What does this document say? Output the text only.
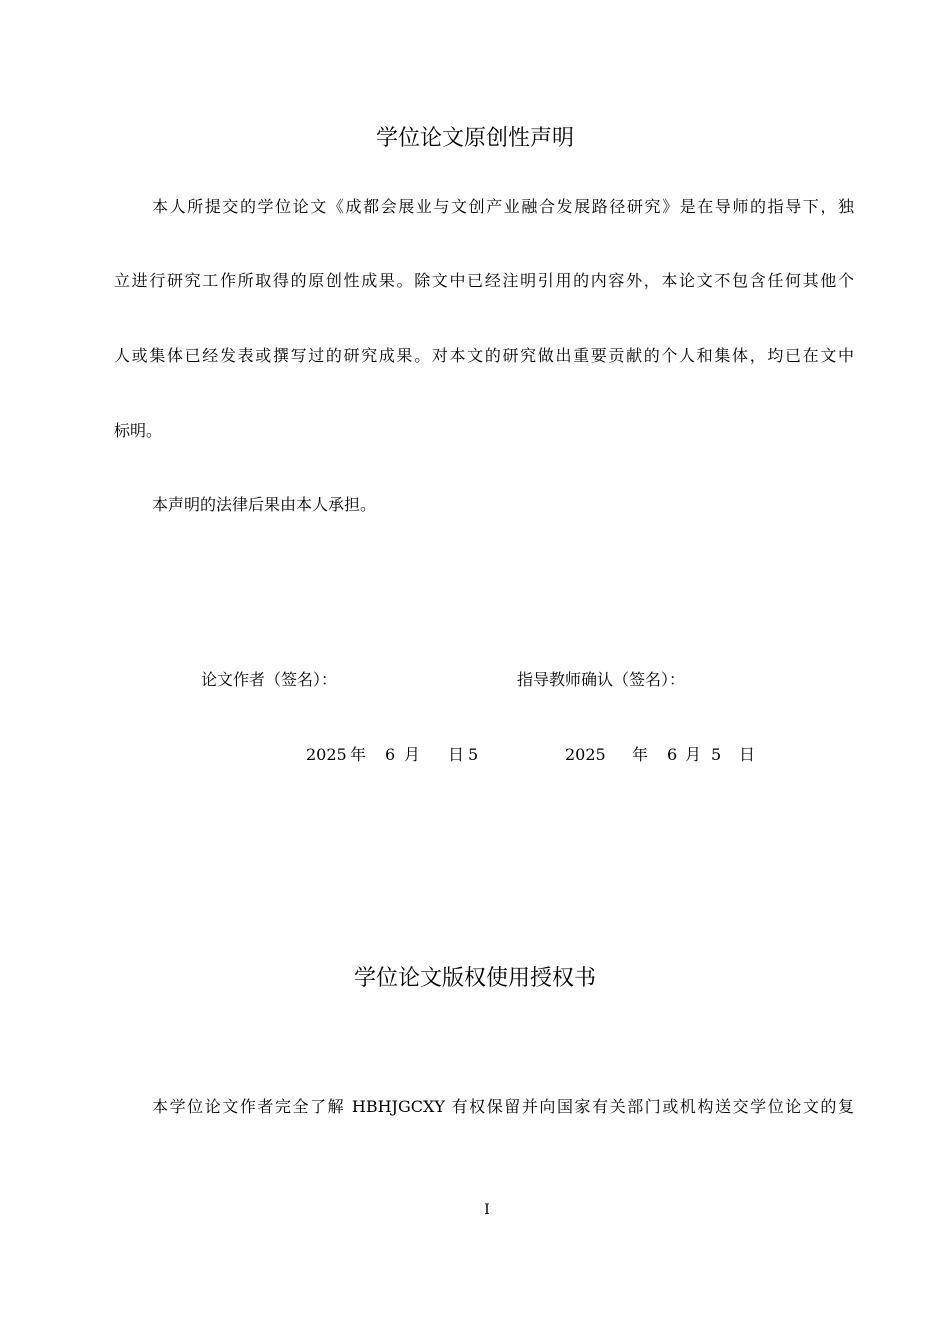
学位论文原创性声明
本人所提交的学位论文《成都会展业与文创产业融合发展路径研究》是在导师的指导下，独
立进行研究工作所取得的原创性成果。除文中已经注明引用的内容外，本论文不包含任何其他个
人或集体已经发表或撰写过的研究成果。对本文的研究做出重要贡献的个人和集体，均已在文中
标明。
本声明的法律后果由本人承担。
论文作者（签名）：	指导教师确认（签名）：
2025 年 6 月 日 5	2025 年 6 月 5 日
学位论文版权使用授权书
本学位论文作者完全了解 HBHJGCXY 有权保留并向国家有关部门或机构送交学位论文的复
I
